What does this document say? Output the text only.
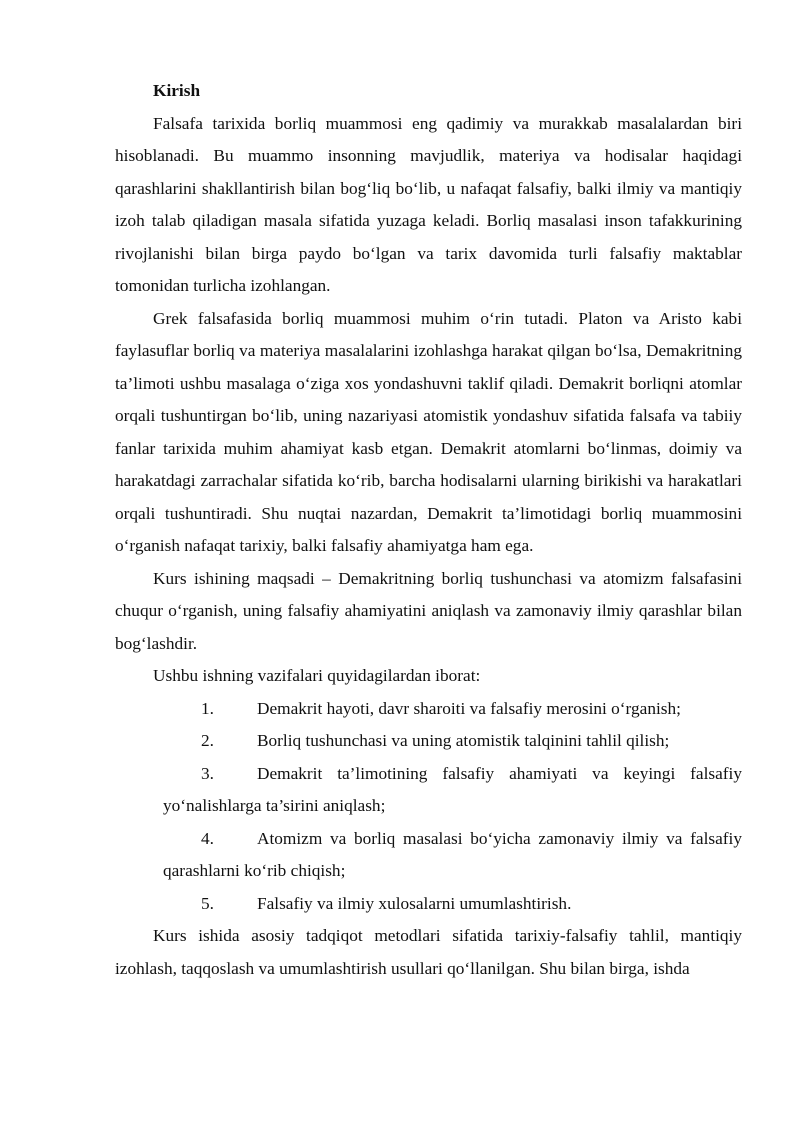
Kirish

Falsafa tarixida borliq muammosi eng qadimiy va murakkab masalalardan biri hisoblanadi. Bu muammo insonning mavjudlik, materiya va hodisalar haqidagi qarashlarini shakllantirish bilan bog‘liq bo‘lib, u nafaqat falsafiy, balki ilmiy va mantiqiy izoh talab qiladigan masala sifatida yuzaga keladi. Borliq masalasi inson tafakkurining rivojlanishi bilan birga paydo bo‘lgan va tarix davomida turli falsafiy maktablar tomonidan turlicha izohlangan.

Grek falsafasida borliq muammosi muhim o‘rin tutadi. Platon va Aristo kabi faylasuflar borliq va materiya masalalarini izohlashga harakat qilgan bo‘lsa, Demakritning ta’limoti ushbu masalaga o‘ziga xos yondashuvni taklif qiladi. Demakrit borliqni atomlar orqali tushuntirgan bo‘lib, uning nazariyasi atomistik yondashuv sifatida falsafa va tabiiy fanlar tarixida muhim ahamiyat kasb etgan. Demakrit atomlarni bo‘linmas, doimiy va harakatdagi zarrachalar sifatida ko‘rib, barcha hodisalarni ularning birikishi va harakatlari orqali tushuntiradi. Shu nuqtai nazardan, Demakrit ta’limotidagi borliq muammosini o‘rganish nafaqat tarixiy, balki falsafiy ahamiyatga ham ega.

Kurs ishining maqsadi – Demakritning borliq tushunchasi va atomizm falsafasini chuqur o‘rganish, uning falsafiy ahamiyatini aniqlash va zamonaviy ilmiy qarashlar bilan bog‘lashdir.

Ushbu ishning vazifalari quyidagilardan iborat:

1.	Demakrit hayoti, davr sharoiti va falsafiy merosini o‘rganish;
2.	Borliq tushunchasi va uning atomistik talqinini tahlil qilish;
3.	Demakrit ta’limotining falsafiy ahamiyati va keyingi falsafiy yo‘nalishlarga ta’sirini aniqlash;
4.	Atomizm va borliq masalasi bo‘yicha zamonaviy ilmiy va falsafiy qarashlarni ko‘rib chiqish;
5.	Falsafiy va ilmiy xulosalarni umumlashtirish.

Kurs ishida asosiy tadqiqot metodlari sifatida tarixiy-falsafiy tahlil, mantiqiy izohlash, taqqoslash va umumlashtirish usullari qo‘llanilgan. Shu bilan birga, ishda
